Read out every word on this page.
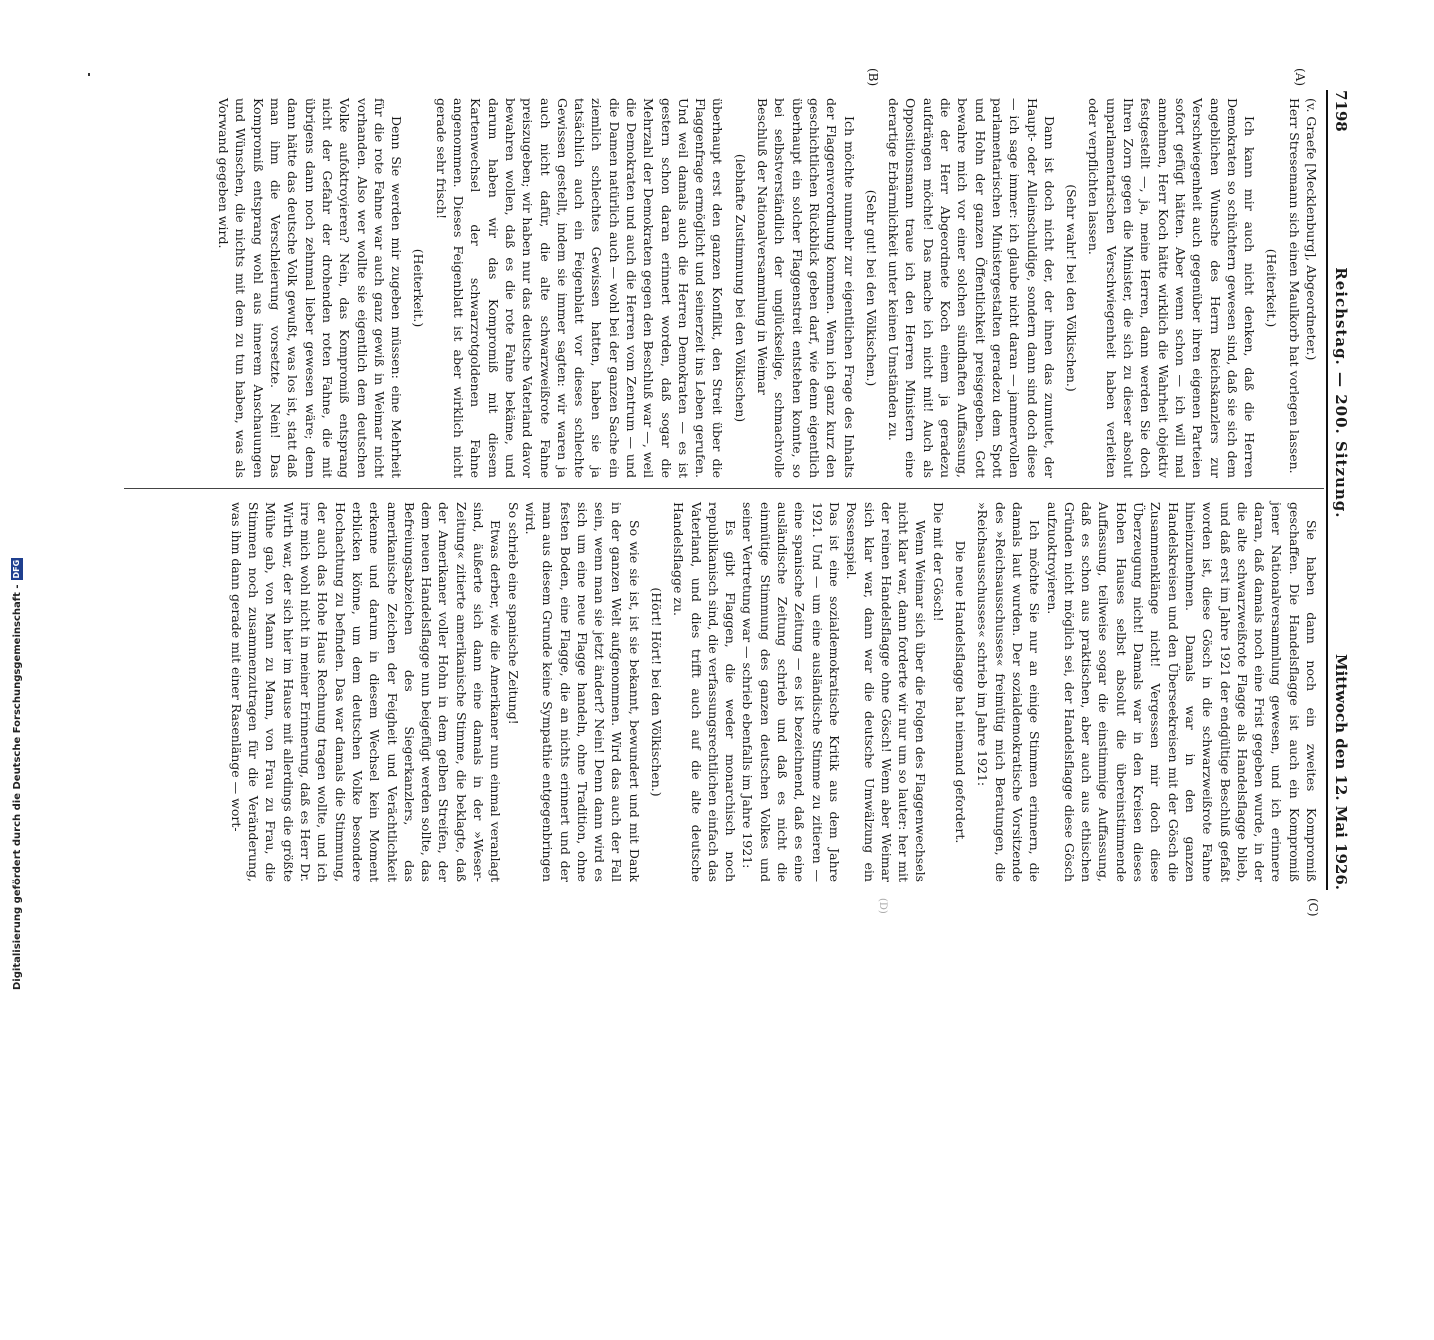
7198
Reichstag. — 200. Sitzung.
Mittwoch den 12. Mai 1926.
(A)
(B)
(C)
(D)

(v. Graefe [Mecklenburg], Abgeordneter.)

Herr Stresemann sich einen Maulkorb hat vorlegen lassen.

(Heiterkeit.)

Ich kann mir auch nicht denken, daß die Herren Demokraten so schüchtern gewesen sind, daß sie sich dem angeblichen Wunsche des Herrn Reichskanzlers zur Verschwiegenheit auch gegenüber ihren eigenen Parteien sofort gefügt hätten. Aber wenn schon — ich will mal annehmen, Herr Koch hätte wirklich die Wahrheit objektiv festgestellt —, ja, meine Herren, dann werden Sie doch Ihren Zorn gegen die Minister, die sich zu dieser absolut unparlamentarischen Verschwiegenheit haben verleiten oder verpflichten lassen.

(Sehr wahr! bei den Völkischen.)

Dann ist doch nicht der, der ihnen das zumutet, der Haupt- oder Alleinschuldige, sondern dann sind doch diese — ich sage immer: ich glaube nicht daran — jammervollen parlamentarischen Ministergestalten geradezu dem Spott und Hohn der ganzen Öffentlichkeit preisgegeben. Gott bewahre mich vor einer solchen sündhaften Auffassung, die der Herr Abgeordnete Koch einem ja geradezu aufdrängen möchte! Das mache ich nicht mit! Auch als Oppositionsmann traue ich den Herren Ministern eine derartige Erbärmlichkeit unter keinen Umständen zu.

(Sehr gut! bei den Völkischen.)

Ich möchte nunmehr zur eigentlichen Frage des Inhalts der Flaggenverordnung kommen. Wenn ich ganz kurz den geschichtlichen Rückblick geben darf, wie denn eigentlich überhaupt ein solcher Flaggenstreit entstehen konnte, so bei selbstverständlich der unglückselige, schmachvolle Beschluß der Nationalversammlung in Weimar

(lebhafte Zustimmung bei den Völkischen)

überhaupt erst den ganzen Konflikt, den Streit über die Flaggenfrage ermöglicht und seinerzeit ins Leben gerufen. Und weil damals auch die Herren Demokraten — es ist gestern schon daran erinnert worden, daß sogar die Mehrzahl der Demokraten gegen den Beschluß war —, weil die Demokraten und auch die Herren vom Zentrum — und die Damen natürlich auch — wohl bei der ganzen Sache ein ziemlich schlechtes Gewissen hatten, haben sie ja tatsächlich auch ein Feigenblatt vor dieses schlechte Gewissen gestellt, indem sie immer sagten: wir waren ja auch nicht dafür, die alte schwarzweißrote Fahne preiszugeben; wir haben nur das deutsche Vaterland davor bewahren wollen, daß es die rote Fahne bekäme, und darum haben wir das Kompromiß mit diesem Kartenwechsel der schwarzrotgoldenen Fahne angenommen. Dieses Feigenblatt ist aber wirklich nicht gerade sehr frisch!

(Heiterkeit.)

Denn Sie werden mir zugeben müssen: eine Mehrheit für die rote Fahne war auch ganz gewiß in Weimar nicht vorhanden. Also wer wollte sie eigentlich dem deutschen Volke aufoktroyieren? Nein, das Kompromiß entsprang nicht der Gefahr der drohenden roten Fahne, die mit übrigens dann noch zehnmal lieber gewesen wäre; denn dann hätte das deutsche Volk gewußt, was los ist, statt daß man ihm die Verschleierung vorsetzte. Nein! Das Kompromiß entsprang wohl aus innerem Anschauungen und Wünschen, die nichts mit dem zu tun haben, was als Vorwand gegeben wird.

Sie haben dann noch ein zweites Kompromiß geschaffen. Die Handelsflagge ist auch ein Kompromiß jener Nationalversammlung gewesen, und ich erinnere daran, daß damals noch eine Frist gegeben wurde, in der die alte schwarzweißrote Flagge als Handelsflagge blieb, und daß erst im Jahre 1921 der endgültige Beschluß gefaßt worden ist, diese Gösch in die schwarzweißrote Fahne hineinzunehmen. Damals war in den ganzen Handelskreisen und den Überseekreisen mit der Gösch die Zusammenklänge nicht! Vergessen mir doch diese Überzeugung nicht! Damals war in den Kreisen dieses Hohen Hauses selbst absolut die übereinstimmende Auffassung, teilweise sogar die einstimmige Auffassung, daß es schon aus praktischen, aber auch aus ethischen Gründen nicht möglich sei, der Handelsflagge diese Gösch aufzuoktroyieren.

Ich möchte Sie nur an einige Stimmen erinnern, die damals laut wurden. Der sozialdemokratische Vorsitzende des »Reichsausschusses« freimütig mich Beratungen, die »Reichsausschusses« schrieb im Jahre 1921:

Die neue Handelsflagge hat niemand gefordert.

Die mit der Gösch!

Wenn Weimar sich über die Folgen des Flaggenwechsels nicht klar war, dann forderte wir nur um so lauter: her mit der reinen Handelsflagge ohne Gösch! Wenn aber Weimar sich klar war, dann war die deutsche Umwälzung ein Possenspiel.

Das ist eine sozialdemokratische Kritik aus dem Jahre 1921. Und — um eine ausländische Stimme zu zitieren — eine spanische Zeitung — es ist bezeichnend, daß es eine ausländische Zeitung schrieb und daß es nicht die einmütige Stimmung des ganzen deutschen Volkes und seiner Vertretung war — schrieb ebenfalls im Jahre 1921:

Es gibt Flaggen, die weder monarchisch noch republikanisch sind, die verfassungsrechtlichen einfach das Vaterland, und dies trifft auch auf die alte deutsche Handelsflagge zu.

(Hört! Hört! bei den Völkischen.)

So wie sie ist, ist sie bekannt, bewundert und mit Dank in der ganzen Welt aufgenommen. Wird das auch der Fall sein, wenn man sie jetzt ändert? Nein! Denn dann wird es sich um eine neue Flagge handeln, ohne Tradition, ohne festen Boden, eine Flagge, die an nichts erinnert und der man aus diesem Grunde keine Sympathie entgegenbringen wird.

So schrieb eine spanische Zeitung!

Etwas derber, wie die Amerikaner nun einmal veranlagt sind, äußerte sich dann eine damals in der »Weser-Zeitung« zitierte amerikanische Stimme, die beklagte, daß der Amerikaner voller Hohn in dem gelben Streifen, der dem neuen Handelsflagge nun beigefügt werden sollte, das Befreiungsabzeichen des Siegerkanzlers, das amerikanische Zeichen der Feigheit und Verächtlichkeit erkenne und darum in diesem Wechsel kein Moment erblicken könne, um dem deutschen Volke besondere Hochachtung zu befinden. Das war damals die Stimmung, der auch das Hohe Haus Rechnung tragen wollte, und ich irre mich wohl nicht in meiner Erinnerung, daß es Herr Dr. Wirth war, der sich hier im Hause mit allerdings die größte Mühe gab, von Mann zu Mann, von Frau zu Frau, die Stimmen noch zusammenzutragen für die Veränderung, was ihm dann gerade mit einer Rasenlänge — wort-

Digitalisierung gefördert durch die Deutsche Forschungsgemeinschaft -
DFG
